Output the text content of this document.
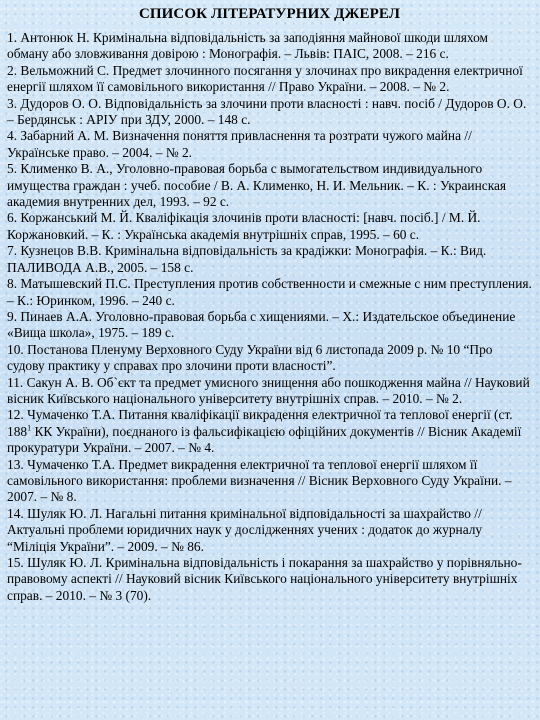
СПИСОК ЛІТЕРАТУРНИХ ДЖЕРЕЛ

1. Антонюк Н. Кримінальна відповідальність за заподіяння майнової шкоди шляхом обману або зловживання довірою : Монографія. – Львів: ПАІС, 2008. – 216 с.

2. Вельможний С. Предмет злочинного посягання у злочинах про викрадення електричної енергії шляхом її самовільного використання // Право України. – 2008. – № 2.

3. Дудоров О. О. Відповідальність за злочини проти власності : навч. посіб / Дудоров О. О. – Бердянськ : АРІУ при ЗДУ, 2000. – 148 с.

4. Забарний А. М. Визначення поняття привласнення та розтрати чужого майна // Українське право. – 2004. – № 2.

5. Клименко В. А., Уголовно-правовая борьба с вымогательством индивидуального имущества граждан : учеб. пособие / В. А. Клименко, Н. И. Мельник. – К. : Украинская академия внутренних дел, 1993. – 92 с.

6. Коржанський М. Й. Кваліфікація злочинів проти власності: [навч. посіб.] / М. Й. Коржановкий. – К. : Українська академія внутрішніх справ, 1995. – 60 с.

7. Кузнецов В.В. Кримінальна відповідальність за крадіжки: Монографія. – К.: Вид. ПАЛИВОДА А.В., 2005. – 158 с.

8. Матышевский П.С. Преступления против собственности и смежные с ним преступления. – К.: Юринком, 1996. – 240 с.

9. Пинаев А.А. Уголовно-правовая борьба с хищениями. – Х.: Издательское объединение «Вища школа», 1975. – 189 с.

10. Постанова Пленуму Верховного Суду України від 6 листопада 2009 р. № 10 “Про судову практику у справах про злочини проти власності”.

11. Сакун А. В. Об`єкт та предмет умисного знищення або пошкодження майна // Науковий вісник Київського національного університету внутрішніх справ. – 2010. – № 2.

12. Чумаченко Т.А. Питання кваліфікації викрадення електричної та теплової енергії (ст. $188^1$ КК України), поєднаного із фальсифікацією офіційних документів // Вісник Академії прокуратури України. – 2007. – № 4.

13. Чумаченко Т.А. Предмет викрадення електричної та теплової енергії шляхом її самовільного використання: проблеми визначення // Вісник Верховного Суду України. – 2007. – № 8.

14. Шуляк Ю. Л. Нагальні питання кримінальної відповідальності за шахрайство // Актуальні проблеми юридичних наук у дослідженнях учених : додаток до журналу “Міліція України”. – 2009. – № 86.

15. Шуляк Ю. Л. Кримінальна відповідальність і покарання за шахрайство у порівняльно-правовому аспекті // Науковий вісник Київського національного університету внутрішніх справ. – 2010. – № 3 (70).
